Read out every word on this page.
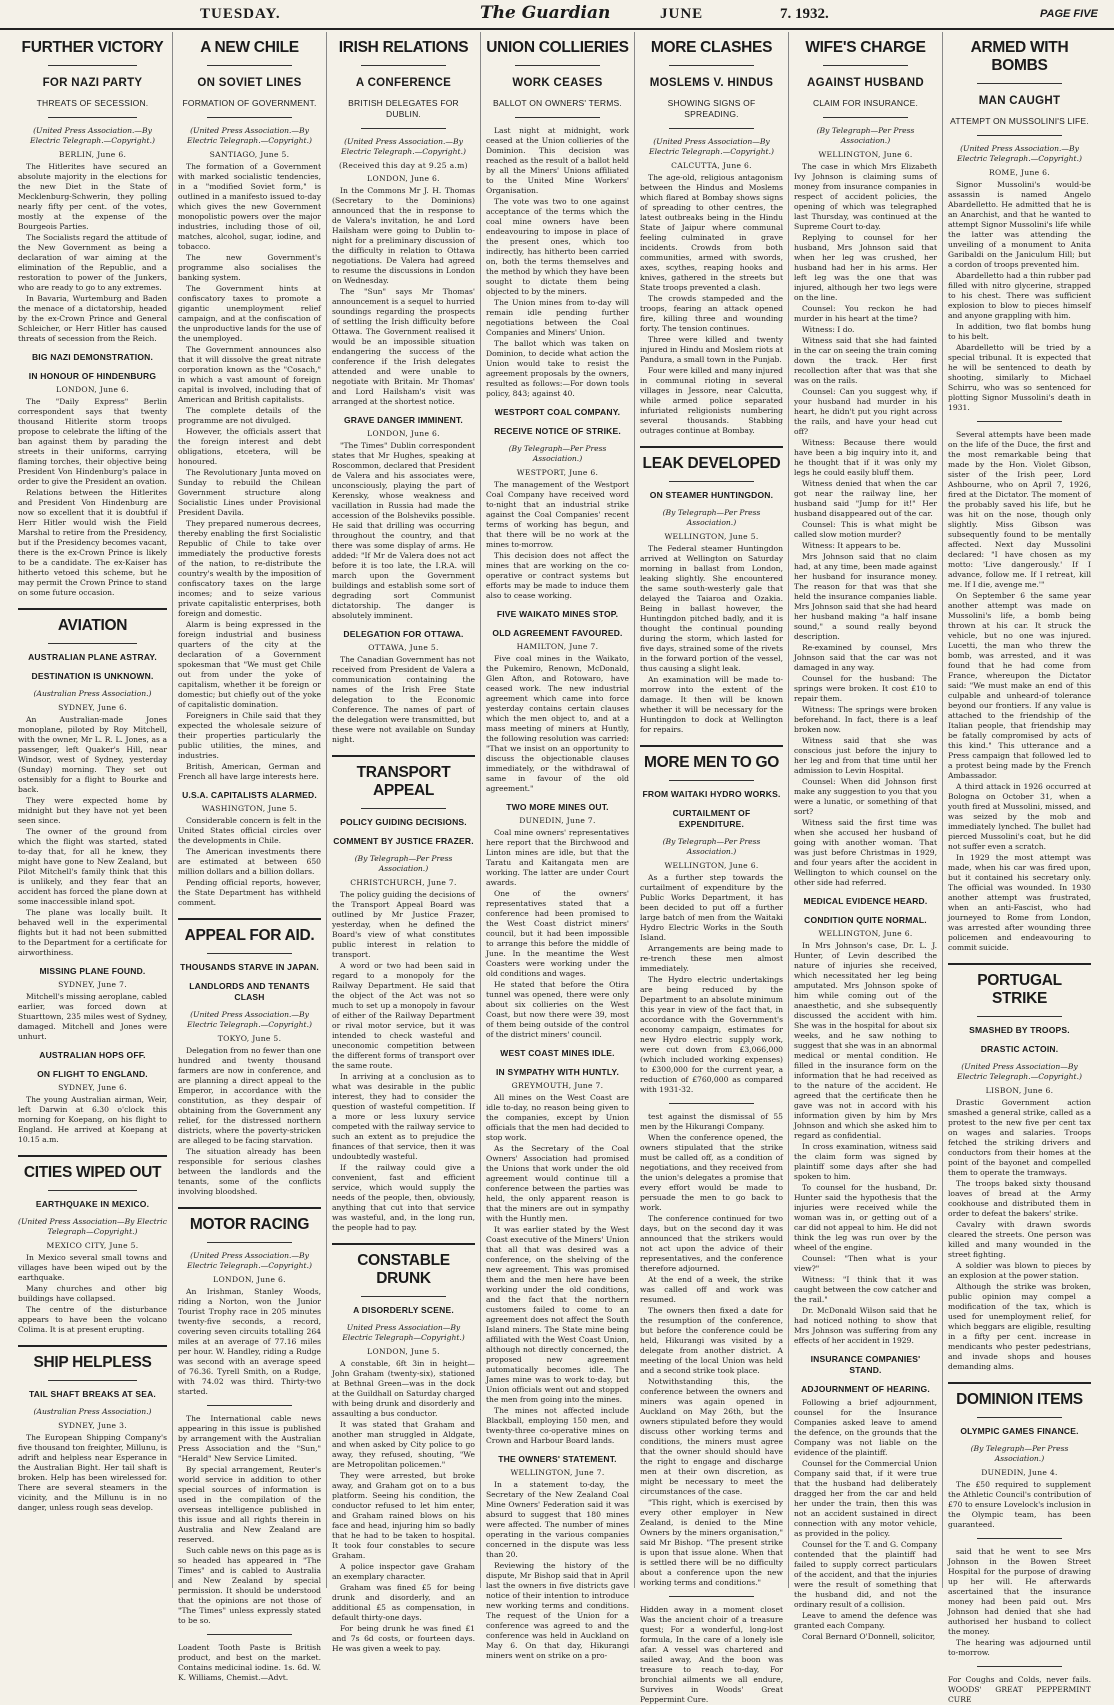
TUESDAY.	The Guardian	JUNE	7. 1932.	PAGE FIVE
FURTHER VICTORY
FOR NAZI PARTY
THREATS OF SECESSION.
(United Press Association.—By Electric Telegraph.—Copyright.)
BERLIN, June 6.
The Hitlerites have secured an absolute majority in the elections for the new Diet in the State of Mecklenburg-Schwerin, they polling nearly fifty per cent. of the votes, mostly at the expense of the Bourgeois Parties.
The Socialists regard the attitude of the New Government as being a declaration of war aiming at the elimination of the Republic, and a restoration to power of the Junkers, who are ready to go to any extremes.
In Bavaria, Wurtemburg and Baden the menace of a dictatorship, headed by the ex-Crown Prince and General Schleicher, or Herr Hitler has caused threats of secession from the Reich.
BIG NAZI DEMONSTRATION.
IN HONOUR OF HINDENBURG
LONDON, June 6.
The "Daily Express" Berlin correspondent says that twenty thousand Hitlerite storm troops propose to celebrate the lifting of the ban against them by parading the streets in their uniforms, carrying flaming torches, their objective being President Von Hindenburg's palace in order to give the President an ovation.
Relations between the Hitlerites and President Von Hindenburg are now so excellent that it is doubtful if Herr Hitler would wish the Field Marshal to retire from the Presidency, but if the Presidency becomes vacant, there is the ex-Crown Prince is likely to be a candidate. The ex-Kaiser has hitherto vetoed this scheme, but he may permit the Crown Prince to stand on some future occasion.
AVIATION
AUSTRALIAN PLANE ASTRAY.
DESTINATION IS UNKNOWN.
(Australian Press Association.)
SYDNEY, June 6.
An Australian-made Jones monoplane, piloted by Roy Mitchell, with the owner, Mr L. R. L. Jones, as a passenger, left Quaker's Hill, near Windsor, west of Sydney, yesterday (Sunday) morning. They set out ostensibly for a flight to Bourke and back.
They were expected home by midnight but they have not yet been seen since.
The owner of the ground from which the flight was started, stated to-day that, for all he knew, they might have gone to New Zealand, but Pilot Mitchell's family think that this is unlikely, and they fear that an accident has forced the plane down at some inaccessible inland spot.
The plane was locally built. It behaved well in the experimental flights but it had not been submitted to the Department for a certificate for airworthiness.
MISSING PLANE FOUND.
SYDNEY, June 7.
Mitchell's missing aeroplane, cabled earlier, was forced down at Stuarttown, 235 miles west of Sydney, damaged. Mitchell and Jones were unhurt.
AUSTRALIAN HOPS OFF.
ON FLIGHT TO ENGLAND.
SYDNEY, June 6.
The young Australian airman, Weir, left Darwin at 6.30 o'clock this morning for Koepang, on his flight to England. He arrived at Koepang at 10.15 a.m.
CITIES WIPED OUT
EARTHQUAKE IN MEXICO.
(United Press Association—By Electric Telegraph—Copyright.)
MEXICO CITY, June 5.
In Mexico several small towns and villages have been wiped out by the earthquake.
Many churches and other big buildings have collapsed.
The centre of the disturbance appears to have been the volcano Colima. It is at present erupting.
SHIP HELPLESS
TAIL SHAFT BREAKS AT SEA.
(Australian Press Association.)
SYDNEY, June 3.
The European Shipping Company's five thousand ton freighter, Millunu, is adrift and helpless near Esperance in the Australian Bight. Her tail shaft is broken. Help has been wirelessed for. There are several steamers in the vicinity, and the Millunu is in no danger, unless rough seas develop.
A NEW CHILE
ON SOVIET LINES
FORMATION OF GOVERNMENT.
(United Press Association.—By Electric Telegraph.—Copyright.)
SANTIAGO, June 5.
The formation of a Government with marked socialistic tendencies, in a "modified Soviet form," is outlined in a manifesto issued to-day which gives the new Government monopolistic powers over the major industries, including those of oil, matches, alcohol, sugar, iodine, and tobacco.
The new Government's programme also socialises the banking system.
The Government hints at confiscatory taxes to promote a gigantic unemployment relief campaign, and at the confiscation of the unproductive lands for the use of the unemployed.
The Government announces also that it will dissolve the great nitrate corporation known as the "Cosach," in which a vast amount of foreign capital is involved, including that of American and British capitalists.
The complete details of the programme are not divulged.
However, the officials assert that the foreign interest and debt obligations, etcetera, will be honoured.
The Revolutionary Junta moved on Sunday to rebuild the Chilean Government structure along Socialistic Lines under Provisional President Davila.
They prepared numerous decrees, thereby enabling the first Socialistic Republic of Chile to take over immediately the productive forests of the nation, to re-distribute the country's wealth by the imposition of confiscatory taxes on the large incomes; and to seize various private capitalistic enterprises, both foreign and domestic.
Alarm is being expressed in the foreign industrial and business quarters of the city at the declaration of a Government spokesman that "We must get Chile out from under the yoke of capitalism, whether it be foreign or domestic; but chiefly out of the yoke of capitalistic domination.
Foreigners in Chile said that they expected the wholesale seizure of their properties particularly the public utilities, the mines, and industries.
British, American, German and French all have large interests here.
U.S.A. CAPITALISTS ALARMED.
WASHINGTON, June 5.
Considerable concern is felt in the United States official circles over the developments in Chile.
The American investments there are estimated at between 650 million dollars and a billion dollars.
Pending official reports, however, the State Department has withheld comment.
APPEAL FOR AID.
THOUSANDS STARVE IN JAPAN.
LANDLORDS AND TENANTS CLASH
(United Press Association.—By Electric Telegraph.—Copyright.)
TOKYO, June 5.
Delegation from no fewer than one hundred and twenty thousand farmers are now in conference, and are planning a direct appeal to the Emperor, in accordance with the constitution, as they despair of obtaining from the Government any relief, for the distressed northern districts, where the poverty-stricken are alleged to be facing starvation.
The situation already has been responsible for serious clashes between the landlords and the tenants, some of the conflicts involving bloodshed.
MOTOR RACING
(United Press Association.—By Electric Telegraph.—Copyright.)
LONDON, June 6.
An Irishman, Stanley Woods, riding a Norton, won the Junior Tourist Trophy race in 205 minutes twenty-five seconds, a record, covering seven circuits totalling 264 miles at an average of 77.16 miles per hour. W. Handley, riding a Rudge was second with an average speed of 76.36. Tyrell Smith, on a Rudge, with 74.02 was third. Thirty-two started.
The International cable news appearing in this issue is published by arrangement with the Australian Press Association and the "Sun," "Herald" New Service Limited.
By special arrangement, Reuter's world service in addition to other special sources of information is used in the compilation of the overseas intelligence published in this issue and all rights therein in Australia and New Zealand are reserved.
Such cable news on this page as is so headed has appeared in "The Times" and is cabled to Australia and New Zealand by special permission. It should be understood that the opinions are not those of "The Times" unless expressly stated to be so.
Loadent Tooth Paste is British product, and best on the market. Contains medicinal iodine. 1s. 6d. W. K. Williams, Chemist.—Advt.
IRISH RELATIONS
A CONFERENCE
BRITISH DELEGATES FOR DUBLIN.
(United Press Association.—By Electric Telegraph.—Copyright.)
(Received this day at 9.25 a.m)
LONDON, June 6.
In the Commons Mr J. H. Thomas (Secretary to the Dominions) announced that the in response to de Valera's invitation, he and Lord Hailsham were going to Dublin to-night for a preliminary discussion of the difficulty in relation to Ottawa negotiations. De Valera had agreed to resume the discussions in London on Wednesday.
The "Sun" says Mr Thomas' announcement is a sequel to hurried soundings regarding the prospects of settling the Irish difficulty before Ottawa. The Government realised it would be an impossible situation endangering the success of the conference if the Irish delegates attended and were unable to negotiate with Britain. Mr Thomas' and Lord Hailsham's visit was arranged at the shortest notice.
GRAVE DANGER IMMINENT.
LONDON, June 6.
"The Times" Dublin correspondent states that Mr Hughes, speaking at Roscommon, declared that President de Valera and his associates were, unconsciously, playing the part of Kerensky, whose weakness and vacillation in Russia had made the accession of the Bolsheviks possible. He said that drilling was occurring throughout the country, and that there was some display of arms. He added: "If Mr de Valera does not act before it is too late, the I.R.A. will march upon the Government buildings and establish some sort of degrading sort Communist dictatorship. The danger is absolutely imminent.
DELEGATION FOR OTTAWA.
OTTAWA, June 5.
The Canadian Government has not received from President de Valera a communication containing the names of the Irish Free State delegation to the Economic Conference. The names of part of the delegation were transmitted, but these were not available on Sunday night.
TRANSPORT APPEAL
POLICY GUIDING DECISIONS.
COMMENT BY JUSTICE FRAZER.
(By Telegraph—Per Press Association.)
CHRISTCHURCH, June 7.
The policy guiding the decisions of the Transport Appeal Board was outlined by Mr Justice Frazer, yesterday, when he defined the Board's view of what constitutes public interest in relation to transport.
A word or two had been said in regard to a monopoly for the Railway Department. He said that the object of the Act was not so much to set up a monopoly in favour of either of the Railway Department or rival motor service, but it was intended to check wasteful and uneconomic competition between the different forms of transport over the same route.
In arriving at a conclusion as to what was desirable in the public interest, they had to consider the question of wasteful competition. If a more or less luxury service competed with the railway service to such an extent as to prejudice the finances of that service, then it was undoubtedly wasteful.
If the railway could give a convenient, fast and efficient service, which would supply the needs of the people, then, obviously, anything that cut into that service was wasteful, and, in the long run, the people had to pay.
CONSTABLE DRUNK
A DISORDERLY SCENE.
United Press Association—By Electric Telegraph—Copyright.)
LONDON, June 5.
A constable, 6ft 3in in height—John Graham (twenty-six), stationed at Bethnal Green—was in the dock at the Guildhall on Saturday charged with being drunk and disorderly and assaulting a bus conductor.
It was stated that Graham and another man struggled in Aldgate, and when asked by City police to go away, they refused, shouting, "We are Metropolitan policemen."
They were arrested, but broke away, and Graham got on to a bus platform. Seeing his condition, the conductor refused to let him enter, and Graham rained blows on his face and head, injuring him so badly that he had to be taken to hospital. It took four constables to secure Graham.
A police inspector gave Graham an exemplary character.
Graham was fined £5 for being drunk and disorderly, and an additional £5 as compensation, in default thirty-one days.
For being drunk he was fined £1 and 7s 6d costs, or fourteen days. He was given a week to pay.
UNION COLLIERIES
WORK CEASES
BALLOT ON OWNERS' TERMS.
Last night at midnight, work ceased at the Union collieries of the Dominion. This decision was reached as the result of a ballot held by all the Miners' Unions affiliated to the United Mine Workers' Organisation.
The vote was two to one against acceptance of the terms which the coal mine owners have been endeavouring to impose in place of the present ones, which too indirectly, has hitherto been carried on, both the terms themselves and the method by which they have been sought to dictate them being objected to by the miners.
The Union mines from to-day will remain idle pending further negotiations between the Coal Companies and Miners' Union.
The ballot which was taken on Dominion, to decide what action the Union would take to resist the agreement proposals by the owners, resulted as follows:—For down tools policy, 843; against 40.
WESTPORT COAL COMPANY.
RECEIVE NOTICE OF STRIKE.
(By Telegraph—Per Press Association.)
WESTPORT, June 6.
The management of the Westport Coal Company have received word to-night that an industrial strike against the Coal Companies' recent terms of working has begun, and that there will be no work at the mines to-morrow.
This decision does not affect the mines that are working on the co-operative or contract systems but efforts may be made to induce them also to cease working.
FIVE WAIKATO MINES STOP.
OLD AGREEMENT FAVOURED.
HAMILTON, June 7.
Five coal mines in the Waikato, the Pukemiro, Renown, McDonald, Glen Afton, and Rotowaro, have ceased work. The new industrial agreement which came into force yesterday contains certain clauses which the men object to, and at a mass meeting of miners at Huntly, the following resolution was carried: "That we insist on an opportunity to discuss the objectionable clauses immediately, or the withdrawal of same in favour of the old agreement."
TWO MORE MINES OUT.
DUNEDIN, June 7.
Coal mine owners' representatives here report that the Birchwood and Linton mines are idle, but that the Taratu and Kaitangata men are working. The latter are under Court awards.
One of the owners' representatives stated that a conference had been promised to the West Coast district miners' council, but it had been impossible to arrange this before the middle of June. In the meantime the West Coasters were working under the old conditions and wages.
He stated that before the Otira tunnel was opened, there were only about six collieries on the West Coast, but now there were 39, most of them being outside of the control of the district miners' council.
WEST COAST MINES IDLE.
IN SYMPATHY WITH HUNTLY.
GREYMOUTH, June 7.
All mines on the West Coast are idle to-day, no reason being given to the companies, except by Union officials that the men had decided to stop work.
As the Secretary of the Coal Owners' Association had promised the Unions that work under the old agreement would continue till a conference between the parties was held, the only apparent reason is that the miners are out in sympathy with the Huntly men.
It was earlier stated by the West Coast executive of the Miners' Union that all that was desired was a conference, on the shelving of the new agreement. This was promised them and the men here have been working under the old conditions, and the fact that the northern customers failed to come to an agreement does not affect the South Island miners. The State mine being affiliated with the West Coast Union, although not directly concerned, the proposed new agreement automatically becomes idle. The James mine was to work to-day, but Union officials went out and stopped the men from going into the mines.
The mines not affected include Blackball, employing 150 men, and twenty-three co-operative mines on Crown and Harbour Board lands.
THE OWNERS' STATEMENT.
WELLINGTON, June 7.
In a statement to-day, the Secretary of the New Zealand Coal Mine Owners' Federation said it was absurd to suggest that 180 mines were affected. The number of mines operating in the various companies concerned in the dispute was less than 20.
Reviewing the history of the dispute, Mr Bishop said that in April last the owners in five districts gave notice of their intention to introduce new working terms and conditions. The request of the Union for a conference was agreed to and the conference was held in Auckland on May 6. On that day, Hikurangi miners went on strike on a pro-
MORE CLASHES
MOSLEMS V. HINDUS
SHOWING SIGNS OF SPREADING.
(United Press Association—By Electric Telegraph.—Copyright.)
CALCUTTA, June 6.
The age-old, religious antagonism between the Hindus and Moslems which flared at Bombay shows signs of spreading to other centres, the latest outbreaks being in the Hindu State of Jaipur where communal feeling culminated in grave incidents. Crowds from both communities, armed with swords, axes, scythes, reaping hooks and knives, gathered in the streets but State troops prevented a clash.
The crowds stampeded and the troops, fearing an attack opened fire, killing three and wounding forty. The tension continues.
Three were killed and twenty injured in Hindu and Moslem riots at Pandura, a small town in the Punjab.
Four were killed and many injured in communal rioting in several villages in Jessore, near Calcutta, while armed police separated infuriated religionists numbering several thousands. Stabbing outrages continue at Bombay.
LEAK DEVELOPED
ON STEAMER HUNTINGDON.
(By Telegraph—Per Press Association.)
WELLINGTON, June 5.
The Federal steamer Huntingdon arrived at Wellington on Saturday morning in ballast from London, leaking slightly. She encountered the same south-westerly gale that delayed the Taiaroa and Ozakia. Being in ballast however, the Huntingdon pitched badly, and it is thought the continual pounding during the storm, which lasted for five days, strained some of the rivets in the forward portion of the vessel, thus causing a slight leak.
An examination will be made to-morrow into the extent of the damage. It then will be known whether it will be necessary for the Huntingdon to dock at Wellington for repairs.
MORE MEN TO GO
FROM WAITAKI HYDRO WORKS.
CURTAILMENT OF EXPENDITURE.
(By Telegraph—Per Press Association.)
WELLINGTON, June 6.
As a further step towards the curtailment of expenditure by the Public Works Department, it has been decided to put off a further large batch of men from the Waitaki Hydro Electric Works in the South Island.
Arrangements are being made to re-trench these men almost immediately.
The Hydro electric undertakings are being reduced by the Department to an absolute minimum this year in view of the fact that, in accordance with the Government's economy campaign, estimates for new Hydro electric supply work, were cut down from £3,066,000 (which included working expenses) to £300,000 for the current year, a reduction of £760,000 as compared with 1931-32.
test against the dismissal of 55 men by the Hikurangi Company.
When the conference opened, the owners stipulated that the strike must be called off, as a condition of negotiations, and they received from the union's delegates a promise that every effort would be made to persuade the men to go back to work.
The conference continued for two days, but on the second day it was announced that the strikers would not act upon the advice of their representatives, and the conference therefore adjourned.
At the end of a week, the strike was called off and work was resumed.
The owners then fixed a date for the resumption of the conference, but before the conference could be held, Hikurangi was visited by a delegate from another district. A meeting of the local Union was held and a second strike took place.
Notwithstanding this, the conference between the owners and miners was again opened in Auckland on May 26th, but the owners stipulated before they would discuss other working terms and conditions, the miners must agree that the owner should should have the right to engage and discharge men at their own discretion, as might be necessary to meet the circumstances of the case.
"This right, which is exercised by every other employer in New Zealand, is denied to the Mine Owners by the miners organisation," said Mr Bishop. "The present strike is upon that issue alone. When that is settled there will be no difficulty about a conference upon the new working terms and conditions."
Hidden away in a moment closet Was the ancient choir of a treasure quest; For a wonderful, long-lost formula, In the care of a lonely isle afar. A vessel was chartered and sailed away, And the boon was treasure to reach to-day, For bronchial ailments we all endure, Survives in Woods' Great Peppermint Cure.
WIFE'S CHARGE
AGAINST HUSBAND
CLAIM FOR INSURANCE.
(By Telegraph—Per Press Association.)
WELLINGTON, June 6.
The case in which Mrs Elizabeth Ivy Johnson is claiming sums of money from insurance companies in respect of accident policies, the opening of which was telegraphed last Thursday, was continued at the Supreme Court to-day.
Replying to counsel for her husband, Mrs Johnson said that when her leg was crushed, her husband had her in his arms. Her left leg was the one that was injured, although her two legs were on the line.
Counsel: You reckon he had murder in his heart at the time?
Witness: I do.
Witness said that she had fainted in the car on seeing the train coming down the track. Her first recollection after that was that she was on the rails.
Counsel: Can you suggest why, if your husband had murder in his heart, he didn't put you right across the rails, and have your head cut off?
Witness: Because there would have been a big inquiry into it, and he thought that if it was only my legs he could easily bluff them.
Witness denied that when the car got near the railway line, her husband said "Jump for it!" Her husband disappeared out of the car.
Counsel: This is what might be called slow motion murder?
Witness: It appears to be.
Mrs Johnson said that no claim had, at any time, been made against her husband for insurance money. The reason for that was that she held the insurance companies liable. Mrs Johnson said that she had heard her husband making "a half insane sound," a sound really beyond description.
Re-examined by counsel, Mrs Johnson said that the car was not damaged in any way.
Counsel for the husband: The springs were broken. It cost £10 to repair them.
Witness: The springs were broken beforehand. In fact, there is a leaf broken now.
Witness said that she was conscious just before the injury to her leg and from that time until her admission to Levin Hospital.
Counsel: When did Johnson first make any suggestion to you that you were a lunatic, or something of that sort?
Witness said the first time was when she accused her husband of going with another woman. That was just before Christmas in 1929, and four years after the accident in Wellington to which counsel on the other side had referred.
MEDICAL EVIDENCE HEARD.
CONDITION QUITE NORMAL.
WELLINGTON, June 6.
In Mrs Johnson's case, Dr. L. J. Hunter, of Levin described the nature of injuries she received, which necessitated her leg being amputated. Mrs Johnson spoke of him while coming out of the anaesthetic, and she subsequently discussed the accident with him. She was in the hospital for about six weeks, and he saw nothing to suggest that she was in an abnormal medical or mental condition. He filled in the insurance form on the information that he had received as to the nature of the accident. He agreed that the certificate then he gave was not in accord with his information given by him by Mrs Johnson and which she asked him to regard as confidential.
In cross examination, witness said the claim form was signed by plaintiff some days after she had spoken to him.
To counsel for the husband, Dr. Hunter said the hypothesis that the injuries were received while the woman was in, or getting out of a car did not appeal to him. He did not think the leg was run over by the wheel of the engine.
Counsel: "Then what is your view?"
Witness: "I think that it was caught between the cow catcher and the rail."
Dr. McDonald Wilson said that he had noticed nothing to show that Mrs Johnson was suffering from any effects of her accident in 1929.
INSURANCE COMPANIES' STAND.
ADJOURNMENT OF HEARING.
Following a brief adjournment, counsel for the Insurance Companies asked leave to amend the defence, on the grounds that the Company was not liable on the evidence of the plaintiff.
Counsel for the Commercial Union Company said that, if it were true that the husband had deliberately dragged her from the car and held her under the train, then this was not an accident sustained in direct connection with any motor vehicle, as provided in the policy.
Counsel for the T. and G. Company contended that the plaintiff had failed to supply correct particulars of the accident, and that the injuries were the result of something that the husband did, and not the ordinary result of a collision.
Leave to amend the defence was granted each Company.
Coral Bernard O'Donnell, solicitor,
ARMED WITH BOMBS
MAN CAUGHT
ATTEMPT ON MUSSOLINI'S LIFE.
(United Press Association.—By Electric Telegraph.—Copyright.)
ROME, June 6.
Signor Mussolini's would-be assassin is named Angelo Abardelletto. He admitted that he is an Anarchist, and that he wanted to attempt Signor Mussolini's life while the latter was attending the unveiling of a monument to Anita Garibaldi on the Janiculum Hill; but a cordon of troops prevented him.
Abardelletto had a thin rubber pad filled with nitro glycerine, strapped to his chest. There was sufficient explosion to blow to pieces himself and anyone grappling with him.
In addition, two flat bombs hung to his belt.
Abardelletto will be tried by a special tribunal. It is expected that he will be sentenced to death by shooting, similarly to Michael Schirru, who was so sentenced for plotting Signor Mussolini's death in 1931.
Several attempts have been made on the life of the Duce, the first and the most remarkable being that made by the Hon. Violet Gibson, sister of the Irish peer, Lord Ashbourne, who on April 7, 1926, fired at the Dictator. The moment of the probably saved his life, but he was hit on the nose, though only slightly. Miss Gibson was subsequently found to be mentally affected. Next day Mussolini declared: "I have chosen as my motto: 'Live dangerously.' If I advance, follow me. If I retreat, kill me. If I die, avenge me.'"
On September 6 the same year another attempt was made on Mussolini's life, a bomb being thrown at his car. It struck the vehicle, but no one was injured. Lucetti, the man who threw the bomb, was arrested, and it was found that he had come from France, whereupon the Dictator said: "We must make an end of this culpable and unheard-of tolerance beyond our frontiers. If any value is attached to the friendship of the Italian people, that friendship may be fatally compromised by acts of this kind." This utterance and a Press campaign that followed led to a protest being made by the French Ambassador.
A third attack in 1926 occurred at Bologna on October 31, when a youth fired at Mussolini, missed, and was seized by the mob and immediately lynched. The bullet had pierced Mussolini's coat, but he did not suffer even a scratch.
In 1929 the most attempt was made, when his car was fired upon, but it contained his secretary only. The official was wounded. In 1930 another attempt was frustrated, when an anti-Fascist, who had journeyed to Rome from London, was arrested after wounding three policemen and endeavouring to commit suicide.
PORTUGAL STRIKE
SMASHED BY TROOPS.
DRASTIC ACTOIN.
(United Press Association—By Electric Telegraph.—Copyright.)
LISBON, June 6.
Drastic Government action smashed a general strike, called as a protest to the new five per cent tax on wages and salaries. Troops fetched the striking drivers and conductors from their homes at the point of the bayonet and compelled them to operate the tramways.
The troops baked sixty thousand loaves of bread at the Army cookhouse and distributed them in order to defeat the bakers' strike.
Cavalry with drawn swords cleared the streets. One person was killed and many wounded in the street fighting.
A soldier was blown to pieces by an explosion at the power station.
Although the strike was broken, public opinion may compel a modification of the tax, which is used for unemployment relief, for which beggars are eligible, resulting in a fifty per cent. increase in mendicants who pester pedestrians, and invade shops and houses demanding alms.
DOMINION ITEMS
OLYMPIC GAMES FINANCE.
(By Telegraph—Per Press Association.)
DUNEDIN, June 4.
The £50 required to supplement the Athletic Council's contribution of £70 to ensure Lovelock's inclusion in the Olympic team, has been guaranteed.
said that he went to see Mrs Johnson in the Bowen Street Hospital for the purpose of drawing up her will. He afterwards ascertained that the insurance money had been paid out. Mrs Johnson had denied that she had authorised her husband to collect the money.
The hearing was adjourned until to-morrow.
For Coughs and Colds, never fails. WOODS' GREAT PEPPERMINT CURE
